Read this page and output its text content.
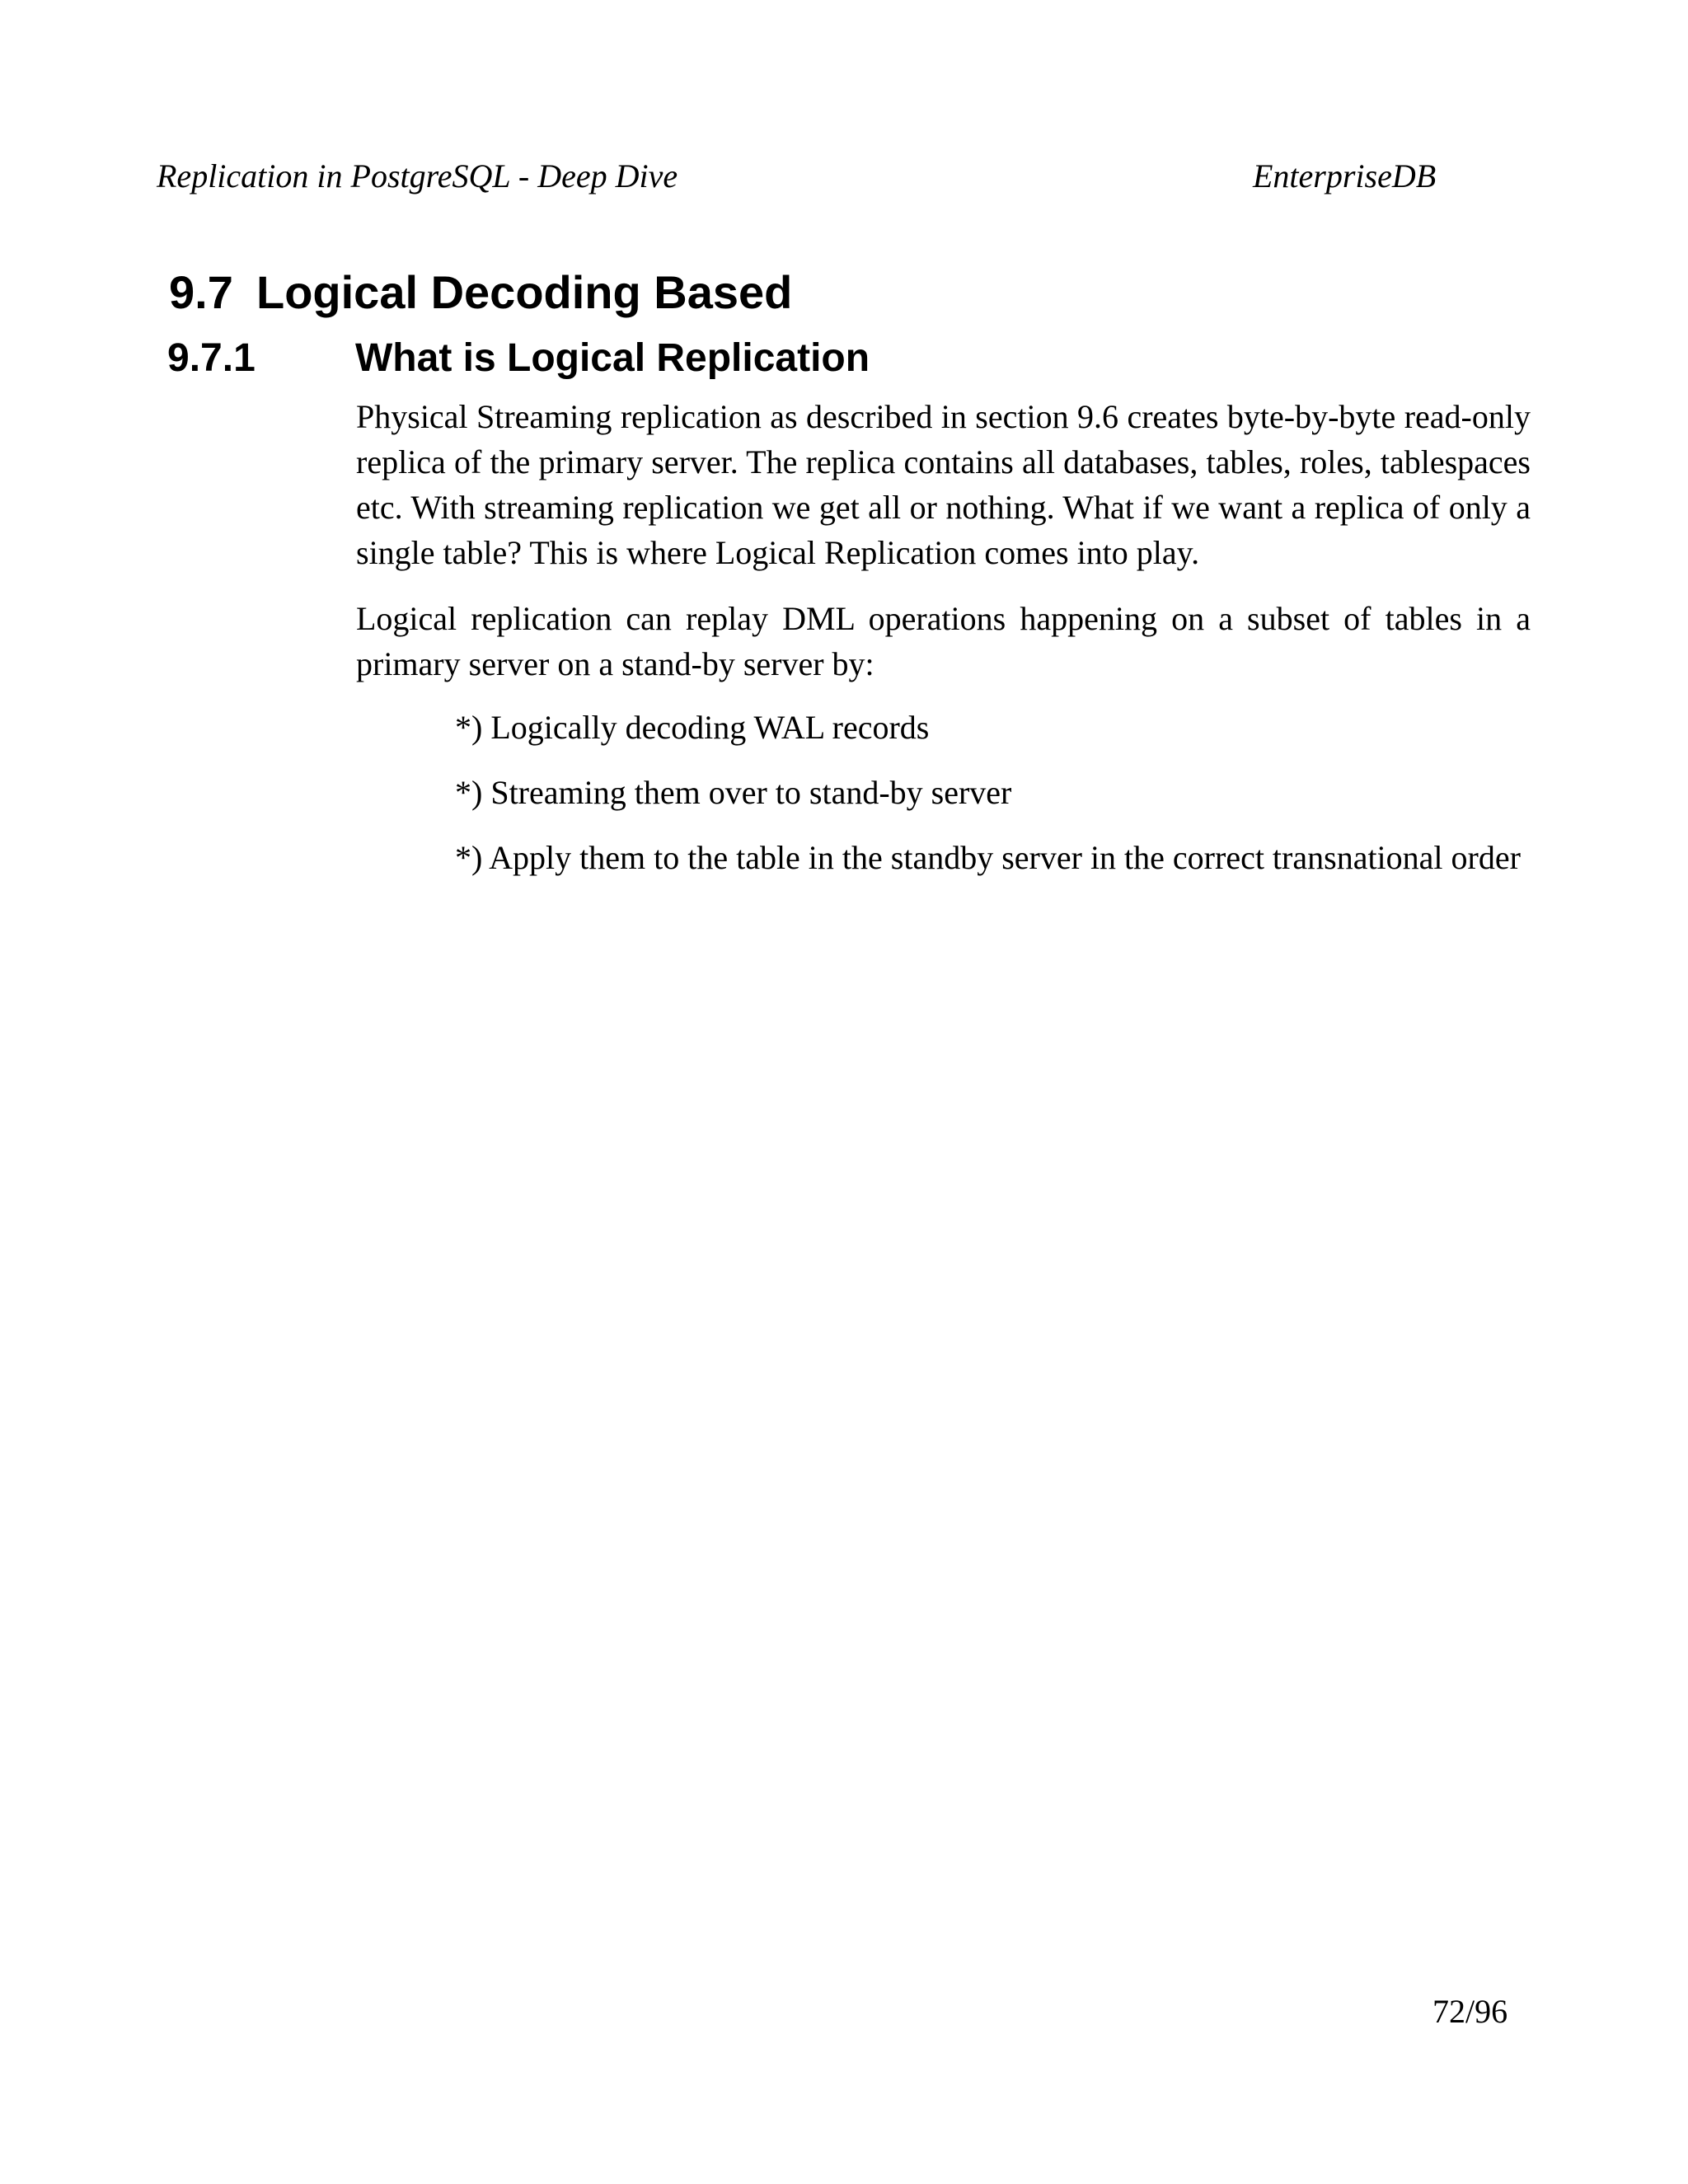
Replication in PostgreSQL - Deep Dive	EnterpriseDB
9.7 Logical Decoding Based
9.7.1	What is Logical Replication

Physical Streaming replication as described in section 9.6 creates byte-by-byte read-only replica of the primary server. The replica contains all databases, tables, roles, tablespaces etc. With streaming replication we get all or nothing. What if we want a replica of only a single table? This is where Logical Replication comes into play.

Logical replication can replay DML operations happening on a subset of tables in a primary server on a stand-by server by:

*) Logically decoding WAL records
*) Streaming them over to stand-by server
*) Apply them to the table in the standby server in the correct transnational order
72/96
